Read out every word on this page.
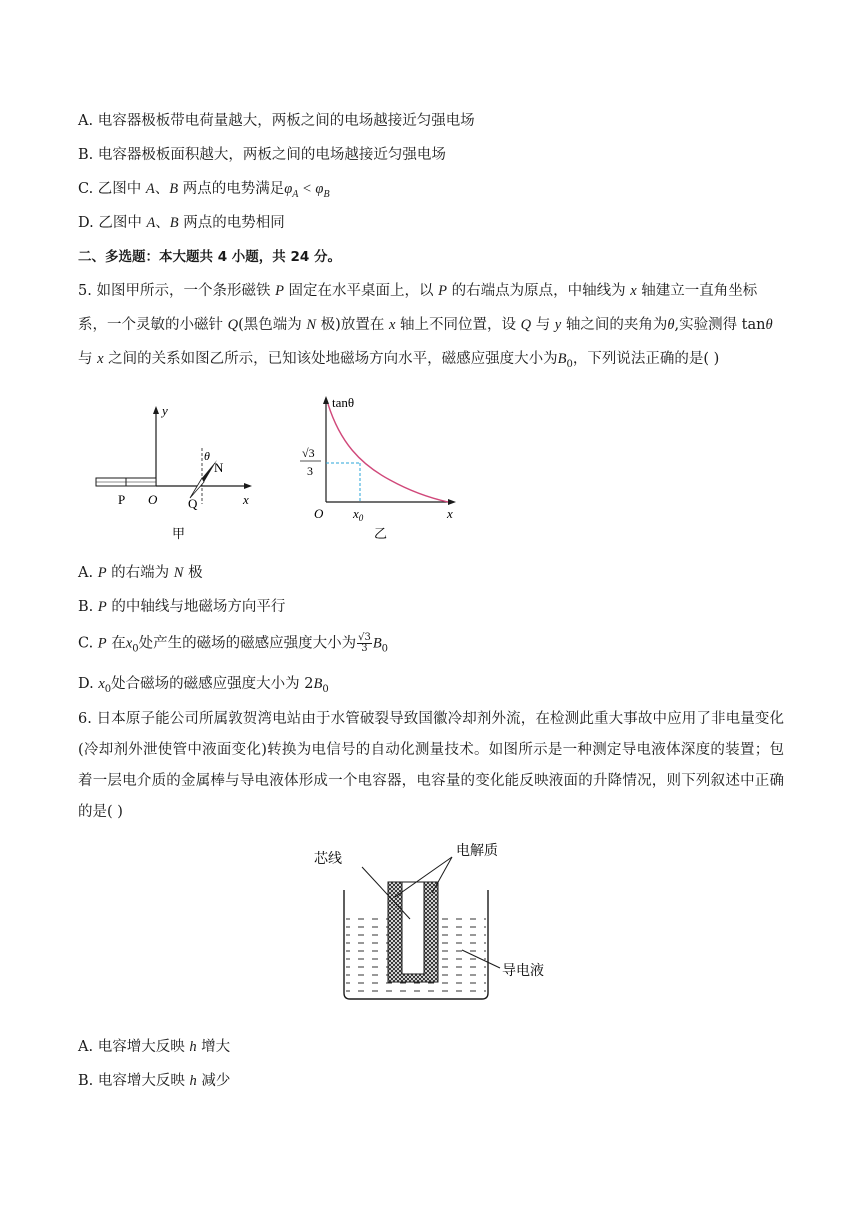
A. 电容器极板带电荷量越大，两板之间的电场越接近匀强电场
B. 电容器极板面积越大，两板之间的电场越接近匀强电场
C. 乙图中 A、B 两点的电势满足$\varphi_A < \varphi_B$
D. 乙图中 A、B 两点的电势相同
二、多选题：本大题共 4 小题，共 24 分。
5. 如图甲所示，一个条形磁铁 P 固定在水平桌面上，以 P 的右端点为原点，中轴线为 x 轴建立一直角坐标
系，一个灵敏的小磁针 Q(黑色端为 N 极)放置在 x 轴上不同位置，设 Q 与 y 轴之间的夹角为θ,实验测得 tanθ
与 x 之间的关系如图乙所示，已知该处地磁场方向水平，磁感应强度大小为$B_0$，下列说法正确的是( )
y
x
P O
θ
N
Q
甲
tanθ
√3
3
O $x_0$	x
乙
A. P 的右端为 N 极
B. P 的中轴线与地磁场方向平行
C. P 在$x_0$处产生的磁场的磁感应强度大小为 $\frac{√3}{3} B_0$
D. $x_0$处合磁场的磁感应强度大小为 $2B_0$
6. 日本原子能公司所属敦贺湾电站由于水管破裂导致国徽冷却剂外流，在检测此重大事故中应用了非电量变化(冷却剂外泄使管中液面变化)转换为电信号的自动化测量技术。如图所示是一种测定导电液体深度的装置；包着一层电介质的金属棒与导电液体形成一个电容器，电容量的变化能反映液面的升降情况，则下列叙述中正确的是( )
芯线
电解质
导电液
A. 电容增大反映 h 增大
B. 电容增大反映 h 减少
